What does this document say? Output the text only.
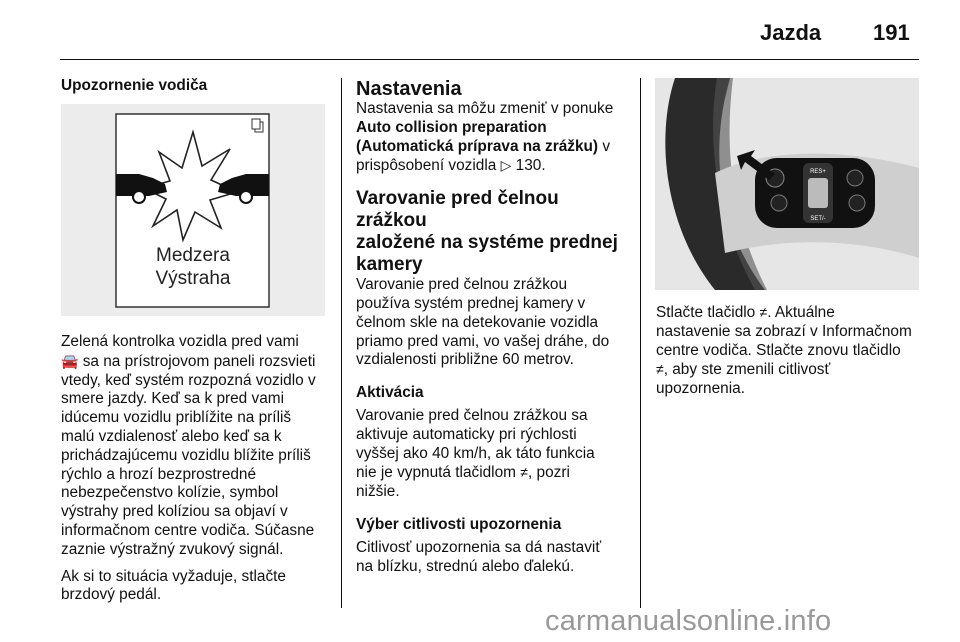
Jazda 191
Upozornenie vodiča
Medzera
Výstraha

Zelená kontrolka vozidla pred vami
🚘 sa na prístrojovom paneli rozsvieti
vtedy, keď systém rozpozná vozidlo v
smere jazdy. Keď sa k pred vami
idúcemu vozidlu priblížite na príliš
malú vzdialenosť alebo keď sa k
prichádzajúcemu vozidlu blížite príliš
rýchlo a hrozí bezprostredné
nebezpečenstvo kolízie, symbol
výstrahy pred kolíziou sa objaví v
informačnom centre vodiča. Súčasne
zaznie výstražný zvukový signál.

Ak si to situácia vyžaduje, stlačte
brzdový pedál.

Nastavenia

Nastavenia sa môžu zmeniť v ponuke
Auto collision preparation
(Automatická príprava na zrážku) v
prispôsobení vozidla ▷ 130.

Varovanie pred čelnou zrážkou
založené na systéme prednej
kamery

Varovanie pred čelnou zrážkou
používa systém prednej kamery v
čelnom skle na detekovanie vozidla
priamo pred vami, vo vašej dráhe, do
vzdialenosti približne 60 metrov.

Aktivácia

Varovanie pred čelnou zrážkou sa
aktivuje automaticky pri rýchlosti
vyššej ako 40 km/h, ak táto funkcia
nie je vypnutá tlačidlom ≠, pozri
nižšie.

Výber citlivosti upozornenia

Citlivosť upozornenia sa dá nastaviť
na blízku, strednú alebo ďalekú.

RES+
SET/-

Stlačte tlačidlo ≠. Aktuálne
nastavenie sa zobrazí v Informačnom
centre vodiča. Stlačte znovu tlačidlo
≠, aby ste zmenili citlivosť
upozornenia.

carmanualsonline.info
